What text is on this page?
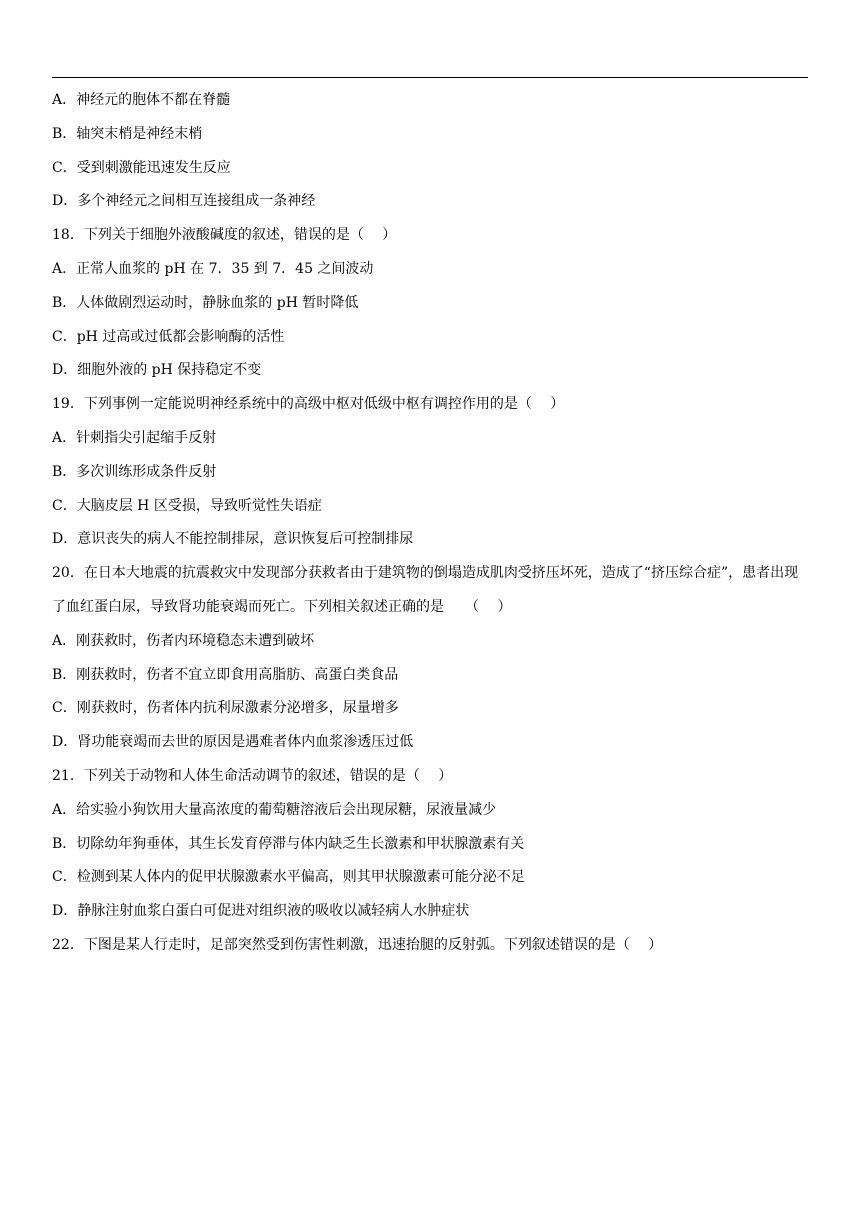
A．神经元的胞体不都在脊髓
B．轴突末梢是神经末梢
C．受到刺激能迅速发生反应
D．多个神经元之间相互连接组成一条神经
18．下列关于细胞外液酸碱度的叙述，错误的是（　 ）
A．正常人血浆的 pH 在 7．35 到 7．45 之间波动
B．人体做剧烈运动时，静脉血浆的 pH 暂时降低
C．pH 过高或过低都会影响酶的活性
D．细胞外液的 pH 保持稳定不变
19．下列事例一定能说明神经系统中的高级中枢对低级中枢有调控作用的是（　 ）
A．针刺指尖引起缩手反射
B．多次训练形成条件反射
C．大脑皮层 H 区受损，导致听觉性失语症
D．意识丧失的病人不能控制排尿，意识恢复后可控制排尿
20．在日本大地震的抗震救灾中发现部分获救者由于建筑物的倒塌造成肌肉受挤压坏死，造成了“挤压综合症”，患者出现了血红蛋白尿，导致肾功能衰竭而死亡。下列相关叙述正确的是　　（　 ）
A．刚获救时，伤者内环境稳态未遭到破坏
B．刚获救时，伤者不宜立即食用高脂肪、高蛋白类食品
C．刚获救时，伤者体内抗利尿激素分泌增多，尿量增多
D．肾功能衰竭而去世的原因是遇难者体内血浆渗透压过低
21．下列关于动物和人体生命活动调节的叙述，错误的是（　 ）
A．给实验小狗饮用大量高浓度的葡萄糖溶液后会出现尿糖，尿液量减少
B．切除幼年狗垂体，其生长发育停滞与体内缺乏生长激素和甲状腺激素有关
C．检测到某人体内的促甲状腺激素水平偏高，则其甲状腺激素可能分泌不足
D．静脉注射血浆白蛋白可促进对组织液的吸收以减轻病人水肿症状
22．下图是某人行走时，足部突然受到伤害性刺激，迅速抬腿的反射弧。下列叙述错误的是（　 ）
